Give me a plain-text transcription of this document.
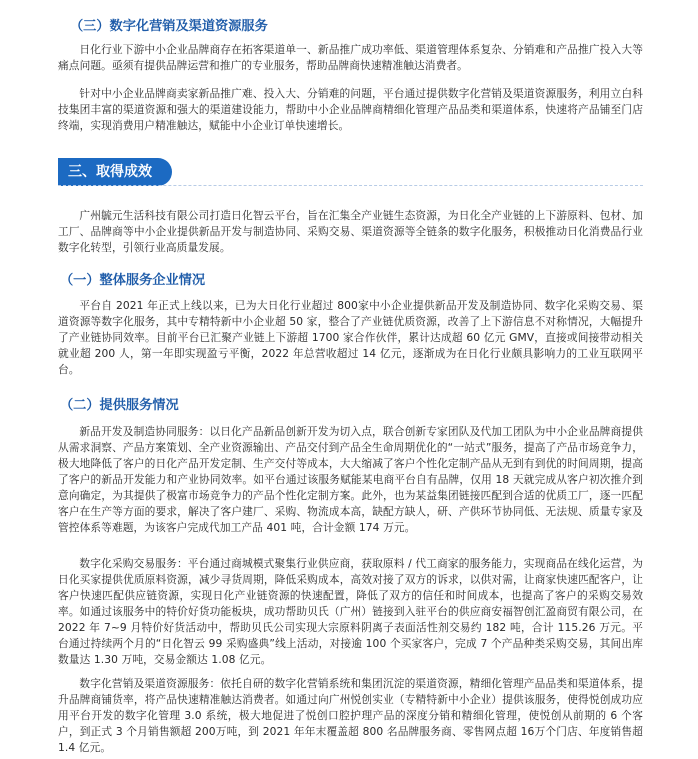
（三）数字化营销及渠道资源服务

日化行业下游中小企业品牌商存在拓客渠道单一、新品推广成功率低、渠道管理体系复杂、分销难和产品推广投入大等痛点问题。亟须有提供品牌运营和推广的专业服务，帮助品牌商快速精准触达消费者。

针对中小企业品牌商卖家新品推广难、投入大、分销难的问题，平台通过提供数字化营销及渠道资源服务，利用立白科技集团丰富的渠道资源和强大的渠道建设能力，帮助中小企业品牌商精细化管理产品品类和渠道体系，快速将产品铺至门店终端，实现消费用户精准触达，赋能中小企业订单快速增长。

广州毓元生活科技有限公司打造日化智云平台，旨在汇集全产业链生态资源，为日化全产业链的上下游原料、包材、加工厂、品牌商等中小企业提供新品开发与制造协同、采购交易、渠道资源等全链条的数字化服务，积极推动日化消费品行业数字化转型，引领行业高质量发展。

（一）整体服务企业情况

平台自 2021 年正式上线以来，已为大日化行业超过 800家中小企业提供新品开发及制造协同、数字化采购交易、渠道资源等数字化服务，其中专精特新中小企业超 50 家，整合了产业链优质资源，改善了上下游信息不对称情况，大幅提升了产业链协同效率。目前平台已汇聚产业链上下游超 1700 家合作伙伴，累计达成超 60 亿元 GMV，直接或间接带动相关就业超 200 人，第一年即实现盈亏平衡，2022 年总营收超过 14 亿元，逐渐成为在日化行业颇具影响力的工业互联网平台。

（二）提供服务情况

新品开发及制造协同服务：以日化产品新品创新开发为切入点，联合创新专家团队及代加工团队为中小企业品牌商提供从需求洞察、产品方案策划、全产业资源输出、产品交付到产品全生命周期优化的“一站式”服务，提高了产品市场竞争力，极大地降低了客户的日化产品开发定制、生产交付等成本，大大缩减了客户个性化定制产品从无到有到优的时间周期，提高了客户的新品开发能力和产业协同效率。如平台通过该服务赋能某电商平台自有品牌，仅用 18 天就完成从客户初次推介到意向确定，为其提供了极富市场竞争力的产品个性化定制方案。此外，也为某益集团链接匹配到合适的优质工厂，逐一匹配客户在生产等方面的要求，解决了客户建厂、采购、物流成本高，缺配方缺人，研、产供环节协同低、无法规、质量专家及管控体系等难题，为该客户完成代加工产品 401 吨，合计金额 174 万元。

数字化采购交易服务：平台通过商城模式聚集行业供应商，获取原料 / 代工商家的服务能力，实现商品在线化运营，为日化买家提供优质原料资源，减少寻货周期，降低采购成本，高效对接了双方的诉求，以供对需，让商家快速匹配客户，让客户快速匹配供应链资源，实现日化产业链资源的快速配置，降低了双方的信任和时间成本，也提高了客户的采购交易效率。如通过该服务中的特价好货功能板块，成功帮助贝氏（广州）链接到入驻平台的供应商安福智创汇盈商贸有限公司，在 2022 年 7~9 月特价好货活动中，帮助贝氏公司实现大宗原料阴离子表面活性剂交易约 182 吨，合计 115.26 万元。平台通过持续两个月的“日化智云 99 采购盛典”线上活动，对接逾 100 个买家客户，完成 7 个产品种类采购交易，其间出库数量达 1.30 万吨，交易金额达 1.08 亿元。

数字化营销及渠道资源服务：依托自研的数字化营销系统和集团沉淀的渠道资源，精细化管理产品品类和渠道体系，提升品牌商铺货率，将产品快速精准触达消费者。如通过向广州悦创实业（专精特新中小企业）提供该服务，使得悦创成功应用平台开发的数字化管理 3.0 系统，极大地促进了悦创口腔护理产品的深度分销和精细化管理，使悦创从前期的 6 个客户，到正式 3 个月销售额超 200万吨，到 2021 年年末覆盖超 800 名品牌服务商、零售网点超 16万个门店、年度销售超 1.4 亿元。

三、取得成效
